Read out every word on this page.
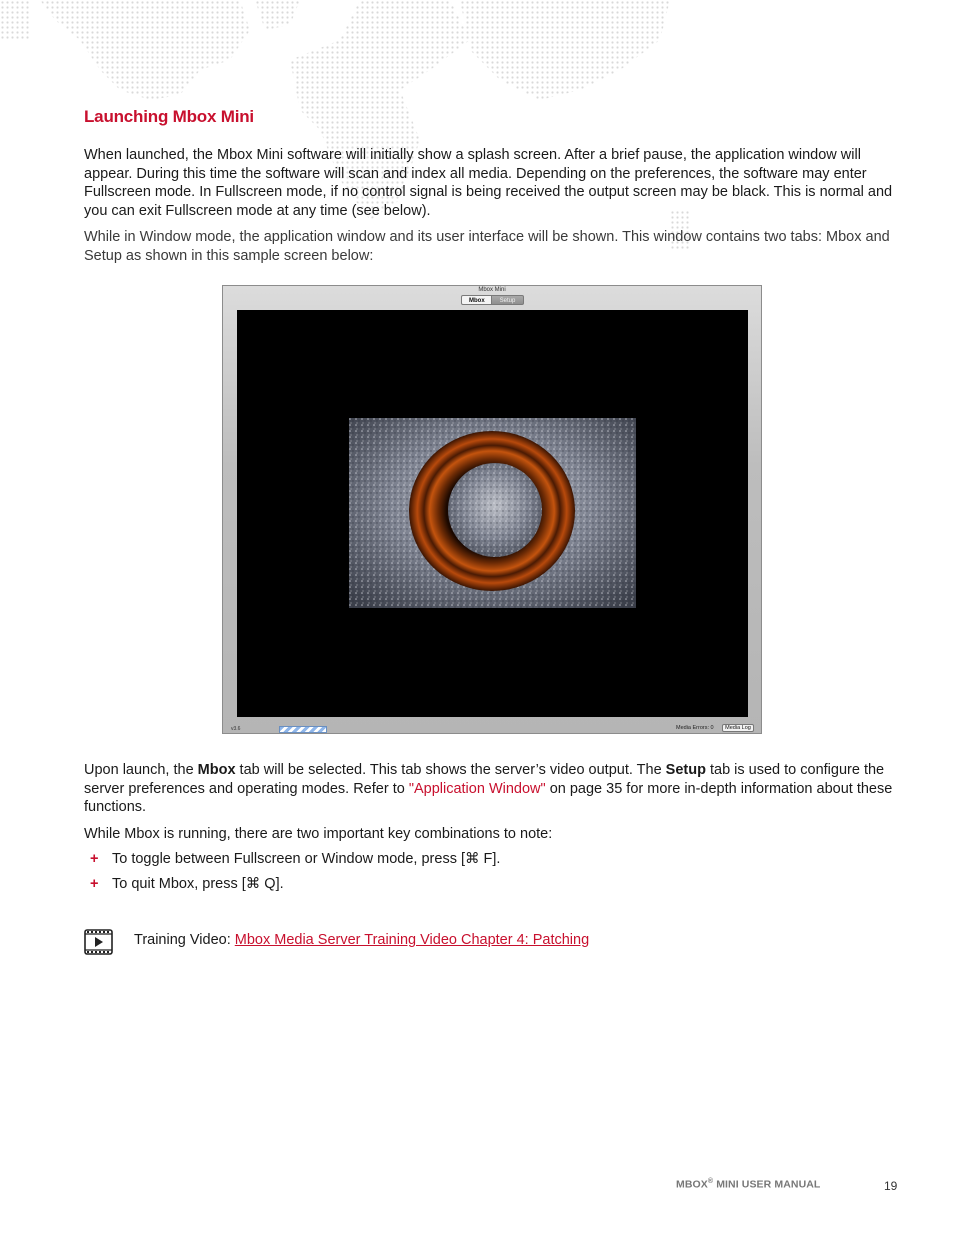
Launching Mbox Mini

When launched, the Mbox Mini software will initially show a splash screen. After a brief pause, the application window will appear. During this time the software will scan and index all media. Depending on the preferences, the software may enter Fullscreen mode. In Fullscreen mode, if no control signal is being received the output screen may be black. This is normal and you can exit Fullscreen mode at any time (see below).

While in Window mode, the application window and its user interface will be shown. This window contains two tabs: Mbox and Setup as shown in this sample screen below:

Mbox Mini
Mbox	Setup
v3.6	Media Errors: 0	Media Log

Upon launch, the Mbox tab will be selected. This tab shows the server’s video output. The Setup tab is used to configure the server preferences and operating modes. Refer to "Application Window" on page 35 for more in-depth information about these functions.

While Mbox is running, there are two important key combinations to note:

+ To toggle between Fullscreen or Window mode, press [⌘ F].
+ To quit Mbox, press [⌘ Q].
Training Video: Mbox Media Server Training Video Chapter 4: Patching
MBOX® MINI USER MANUAL	19
